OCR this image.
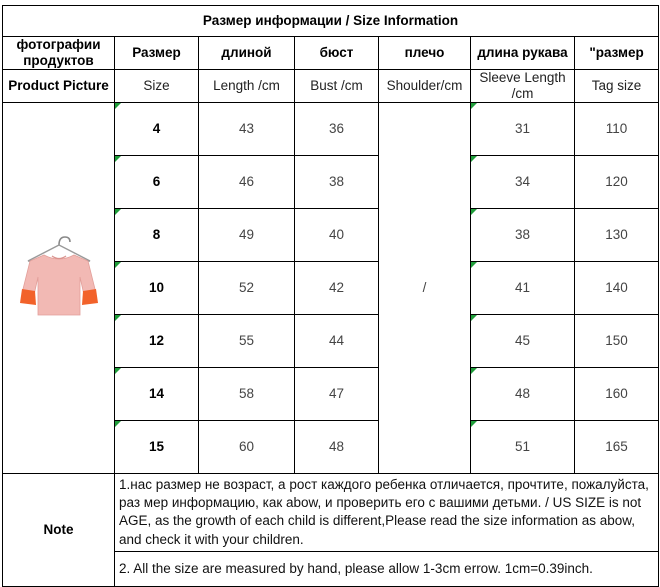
Размер информации / Size Information						
фотографии продуктов	Размер	длиной	бюст	плечо	длина рукава	"размер
Product Picture	Size	Length /cm	Bust /cm	Shoulder/cm	Sleeve Length /cm	Tag size
	4	43	36	/	31	110
	6	46	38		34	120
	8	49	40		38	130
	10	52	42		41	140
	12	55	44		45	150
	14	58	47		48	160
	15	60	48		51	165
Note	1.нас размер не возраст, а рост каждого ребенка отличается, прочтите, пожалуйста, раз мер информацию, как abow, и проверить его с вашими детьми. / US SIZE is not AGE, as the growth of each child is different,Please read the size information as abow, and check it with your children.					
	2. All the size are measured by hand, please allow 1-3cm errow. 1cm=0.39inch.					
